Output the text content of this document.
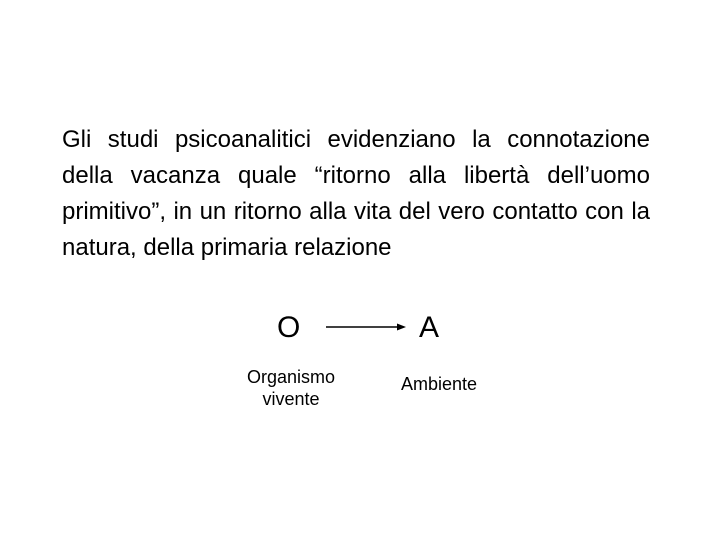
Gli studi psicoanalitici evidenziano la connotazione della vacanza quale “ritorno alla libertà dell’uomo primitivo”, in un ritorno alla vita del vero contatto con la natura, della primaria relazione
O	A
Organismo
vivente
Ambiente
